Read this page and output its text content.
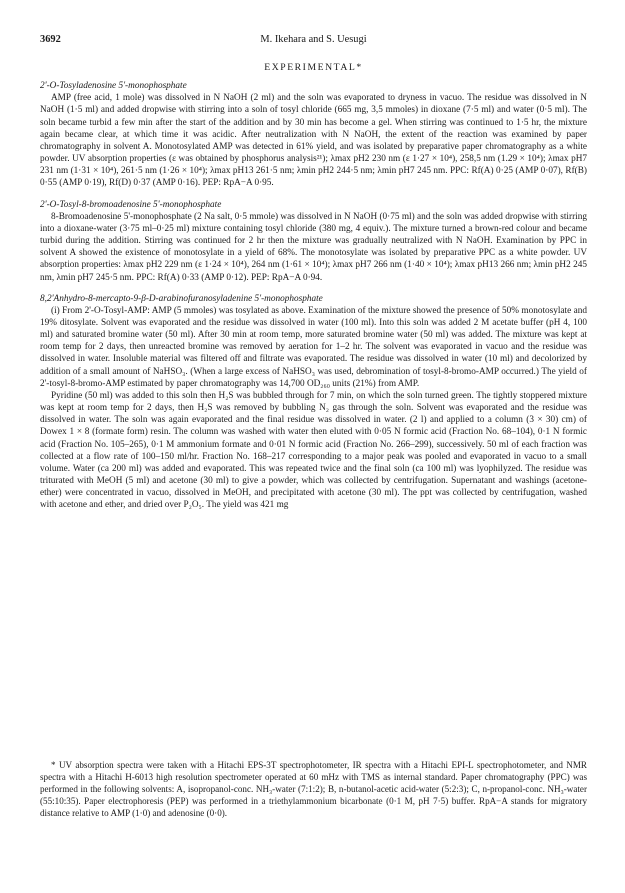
3692	M. Ikehara and S. Uesugi
EXPERIMENTAL*
2'-O-Tosyladenosine 5'-monophosphate

AMP (free acid, 1 mole) was dissolved in N NaOH (2 ml) and the soln was evaporated to dryness in vacuo. The residue was dissolved in N NaOH (1·5 ml) and added dropwise with stirring into a soln of tosyl chloride (665 mg, 3,5 mmoles) in dioxane (7·5 ml) and water (0·5 ml). The soln became turbid a few min after the start of the addition and by 30 min has become a gel. When stirring was continued to 1·5 hr, the mixture again became clear, at which time it was acidic. After neutralization with N NaOH, the extent of the reaction was examined by paper chromatography in solvent A. Monotosylated AMP was detected in 61% yield, and was isolated by preparative paper chromatography as a white powder. UV absorption properties (ε was obtained by phosphorus analysis²¹); λmax pH2 230 nm (ε 1·27 × 10⁴), 258,5 nm (1.29 × 10⁴); λmax pH7 231 nm (1·31 × 10⁴), 261·5 nm (1·26 × 10⁴); λmax pH13 261·5 nm; λmin pH2 244·5 nm; λmin pH7 245 nm. PPC: Rf(A) 0·25 (AMP 0·07), Rf(B) 0·55 (AMP 0·19), Rf(D) 0·37 (AMP 0·16). PEP: RpA−A 0·95.

2'-O-Tosyl-8-bromoadenosine 5'-monophosphate

8-Bromoadenosine 5'-monophosphate (2 Na salt, 0·5 mmole) was dissolved in N NaOH (0·75 ml) and the soln was added dropwise with stirring into a dioxane-water (3·75 ml–0·25 ml) mixture containing tosyl chloride (380 mg, 4 equiv.). The mixture turned a brown-red colour and became turbid during the addition. Stirring was continued for 2 hr then the mixture was gradually neutralized with N NaOH. Examination by PPC in solvent A showed the existence of monotosylate in a yield of 68%. The monotosylate was isolated by preparative PPC as a white powder. UV absorption properties: λmax pH2 229 nm (ε 1·24 × 10⁴), 264 nm (1·61 × 10⁴); λmax pH7 266 nm (1·40 × 10⁴); λmax pH13 266 nm; λmin pH2 245 nm, λmin pH7 245·5 nm. PPC: Rf(A) 0·33 (AMP 0·12). PEP: RpA−A 0·94.

8,2'Anhydro-8-mercapto-9-β-D-arabinofuranosyladenine 5'-monophosphate

(i) From 2'-O-Tosyl-AMP: AMP (5 mmoles) was tosylated as above. Examination of the mixture showed the presence of 50% monotosylate and 19% ditosylate. Solvent was evaporated and the residue was dissolved in water (100 ml). Into this soln was added 2 M acetate buffer (pH 4, 100 ml) and saturated bromine water (50 ml). After 30 min at room temp, more saturated bromine water (50 ml) was added. The mixture was kept at room temp for 2 days, then unreacted bromine was removed by aeration for 1–2 hr. The solvent was evaporated in vacuo and the residue was dissolved in water. Insoluble material was filtered off and filtrate was evaporated. The residue was dissolved in water (10 ml) and decolorized by addition of a small amount of NaHSO₃. (When a large excess of NaHSO₃ was used, debromination of tosyl-8-bromo-AMP occurred.) The yield of 2'-tosyl-8-bromo-AMP estimated by paper chromatography was 14,700 OD₂₆₀ units (21%) from AMP.

Pyridine (50 ml) was added to this soln then H₂S was bubbled through for 7 min, on which the soln turned green. The tightly stoppered mixture was kept at room temp for 2 days, then H₂S was removed by bubbling N₂ gas through the soln. Solvent was evaporated and the residue was dissolved in water. The soln was again evaporated and the final residue was dissolved in water. (2 l) and applied to a column (3 × 30) cm) of Dowex 1 × 8 (formate form) resin. The column was washed with water then eluted with 0·05 N formic acid (Fraction No. 68–104), 0·1 N formic acid (Fraction No. 105–265), 0·1 M ammonium formate and 0·01 N formic acid (Fraction No. 266–299), successively. 50 ml of each fraction was collected at a flow rate of 100–150 ml/hr. Fraction No. 168–217 corresponding to a major peak was pooled and evaporated in vacuo to a small volume. Water (ca 200 ml) was added and evaporated. This was repeated twice and the final soln (ca 100 ml) was lyophilyzed. The residue was triturated with MeOH (5 ml) and acetone (30 ml) to give a powder, which was collected by centrifugation. Supernatant and washings (acetone-ether) were concentrated in vacuo, dissolved in MeOH, and precipitated with acetone (30 ml). The ppt was collected by centrifugation, washed with acetone and ether, and dried over P₂O₅. The yield was 421 mg

* UV absorption spectra were taken with a Hitachi EPS-3T spectrophotometer, IR spectra with a Hitachi EPI-L spectrophotometer, and NMR spectra with a Hitachi H-6013 high resolution spectrometer operated at 60 mHz with TMS as internal standard. Paper chromatography (PPC) was performed in the following solvents: A, isopropanol-conc. NH₃-water (7:1:2); B, n-butanol-acetic acid-water (5:2:3); C, n-propanol-conc. NH₃-water (55:10:35). Paper electrophoresis (PEP) was performed in a triethylammonium bicarbonate (0·1 M, pH 7·5) buffer. RpA−A stands for migratory distance relative to AMP (1·0) and adenosine (0·0).
